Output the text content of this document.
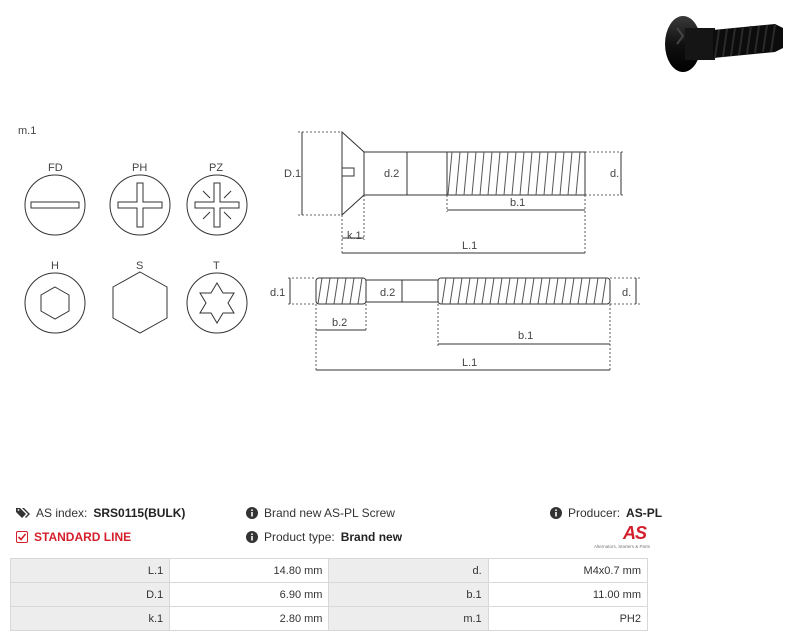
m.1
FD	PH	PZ
H	S	T
D.1	d.2	d.
b.1
k.1
L.1
d.1	d.2	d.
b.2
b.1
L.1
AS index: SRS0115(BULK)
STANDARD LINE
Brand new AS-PL Screw
Product type: Brand new
Producer: AS-PL
AS
Alternators, Starters & Parts
L.1	14.80 mm	d.	M4x0.7 mm
D.1	6.90 mm	b.1	11.00 mm
k.1	2.80 mm	m.1	PH2
